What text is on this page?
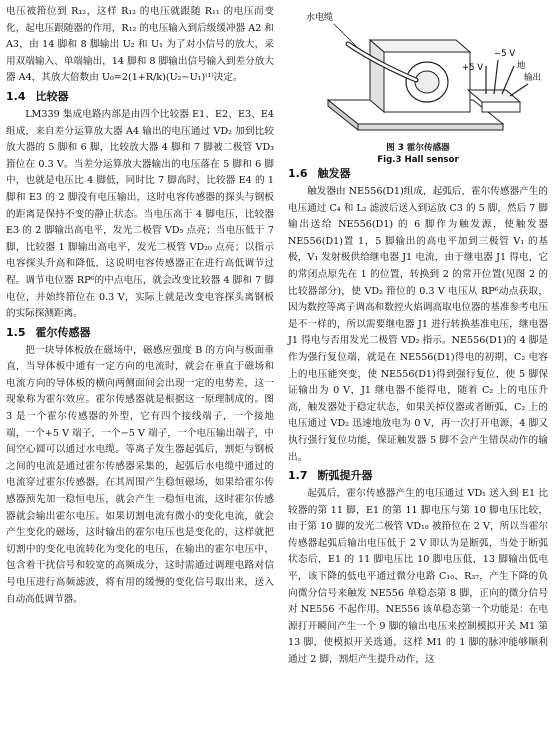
电压被箝位到 R₁₂，这样 R₁₂ 的电压就跟随 R₁₁ 的电压而变化，起电压跟随器的作用，R₁₂ 的电压输入到后级缓冲器 A2 和 A3，由 14 脚和 8 脚输出 U₂ 和 U₁ 为了对小信号的放大，采用双端输入、单端输出，14 脚和 8 脚输出信号输入到差分放大器 A4，其放大倍数由 U₀=2(1+R/k)(U₂−U₁)⁽¹⁾决定。

1.4 比较器

LM339 集成电路内部是由四个比较器 E1、E2、E3、E4 组成，来自差分运算放大器 A4 输出的电压通过 VD₂ 加到比较放大器的 5 脚和 6 脚，比较放大器 4 脚和 7 脚被二极管 VD₃ 箝位在 0.3 V。当差分运算放大器输出的电压落在 5 脚和 6 脚中，也就是电压比 4 脚低，同时比 7 脚高时，比较器 E4 的 1 脚和 E3 的 2 脚没有电压输出，这时电容传感器的探头与钢板的距离是保持不变的静止状态。当电压高于 4 脚电压，比较器 E3 的 2 脚输出高电平，发光二极管 VD₅ 点亮；当电压低于 7 脚，比较器 1 脚输出高电平，发光二极管 VD₂₀ 点亮；以指示电容探头升高和降低，这说明电容传感器正在进行高低调节过程。调节电位器 RP⁶的中点电压，就会改变比较器 4 脚和 7 脚电位，并始终箝位在 0.3 V，实际上就是改变电容探头离钢板的实际探测距离。

1.5 霍尔传感器

把一块导体板放在磁场中，磁感应强度 B 的方向与板面垂直，当导体板中通有一定方向的电流时，就会在垂直于磁场和电流方向的导体板的横向两侧面间会出现一定的电势差，这一现象称为霍尔效应。霍尔传感器就是根据这一原理制成的。图 3 是一个霍尔传感器的外型，它有四个接线端子，一个接地端，一个+5 V 端子，一个−5 V 端子，一个电压输出端子，中间空心圆可以通过水电缆。等离子发生器起弧后，割炬与钢板之间的电流是通过霍尔传感器采集的，起弧后水电缆中通过的电流穿过霍尔传感器，在其周围产生稳恒磁场，如果给霍尔传感器预先加一稳恒电压，就会产生一稳恒电流，这时霍尔传感器就会输出霍尔电压。如果切割电流有微小的变化电流，就会产生变化的磁场，这时输出的霍尔电压也是变化的，这样就把切割中的变化电流转化为变化的电压，在输出的霍尔电压中，包含着干扰信号和较宽的高频成分，这时需通过调理电路对信号电压进行高频滤波，将有用的缓慢的变化信号取出来，送入自动高低调节器。

水电缆
+5 V
−5 V
地
输出
图 3 霍尔传感器
Fig.3 Hall sensor
1.6 触发器

触发器由 NE556(D1)组成，起弧后，霍尔传感器产生的电压通过 C₄ 和 L₂ 滤波后送入到运放 C3 的 5 脚，然后 7 脚输出送给 NE556(D1) 的 6 脚作为触发源，使触发器 NE556(D1)置 1，5 脚输出的高电平加到三极管 V₁ 的基极，V₁ 发射极供给继电器 J1 电流，由于继电器 J1 得电，它的常闭点原先在 1 的位置，转换到 2 的常开位置(见图 2 的比较器部分)，使 VD₂ 箝位的 0.3 V 电压从 RP⁶动点获取，因为数控等离子调高和数控火焰调高取电位器的基准参考电压是不一样的，所以需要继电器 J1 进行转换基准电压，继电器 J1 得电与否用发光二极管 VD₂ 指示。NE556(D1)的 4 脚是作为强行复位端，就是在 NE556(D1)得电的初期，C₂ 电容上的电压能突变，使 NE556(D1)得到强行复位，使 5 脚保证输出为 0 V，J1 继电器不能得电，随着 C₂ 上的电压升高，触发器处于稳定状态，如果关掉仪器或者断弧，C₂ 上的电压通过 VD₂ 迅速地放电为 0 V，再一次打开电源，4 脚又执行强行复位功能，保证触发器 5 脚不会产生错误动作的输出。

1.7 断弧提升器

起弧后，霍尔传感器产生的电压通过 VD₁ 送入到 E1 比较器的第 11 脚，E1 的第 11 脚电压与第 10 脚电压比较，由于第 10 脚的发光二极管 VD₁₈ 被箝位在 2 V，所以当霍尔传感器起弧后输出电压低于 2 V 即认为是断弧，当处于断弧状态后，E1 的 11 脚电压比 10 脚电压低，13 脚输出低电平，该下降的低电平通过微分电路 C₁₀、R₃₇，产生下降的负向微分信号来触发 NE556 单稳态第 8 脚，正向的微分信号对 NE556 不起作用。NE556 该单稳态第一个功能是：在电源打开瞬间产生一个 9 脚的输出电压来控制模拟开关 M1 第 13 脚，使模拟开关选通，这样 M1 的 1 脚的脉冲能够顺利通过 2 脚，割炬产生提升动作，这
